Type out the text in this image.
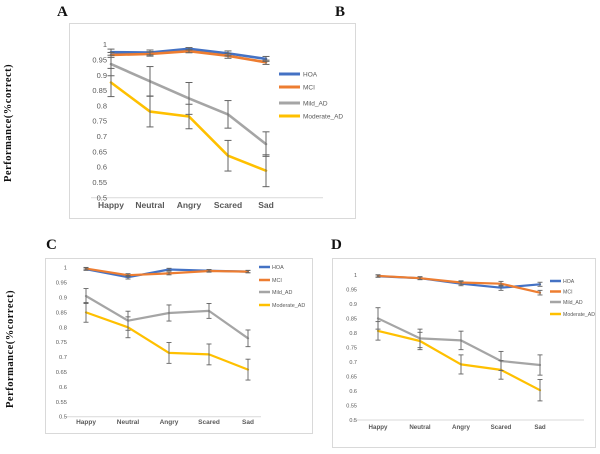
A	B
C	D
Performance(%correct)
Performance(%correct)
1
0.95
0.9
0.85
0.8
0.75
0.7
0.65
0.6
0.55
0.5
Happy Neutral Angry Scared Sad
HOA
MCI
Mild_AD
Moderate_AD
1
0.95
0.9
0.85
0.8
0.75
0.7
0.65
0.6
0.55
0.5
Happy	Neutral	Angry	Scared	Sad
HOA
MCI
Mild_AD
Moderate_AD
1
0.95
0.9
0.85
0.8
0.75
0.7
0.65
0.6
0.55
0.5
Happy	Neutral	Angry	Scared	Sad
HOA
MCI
Mild_AD
Moderate_AD
